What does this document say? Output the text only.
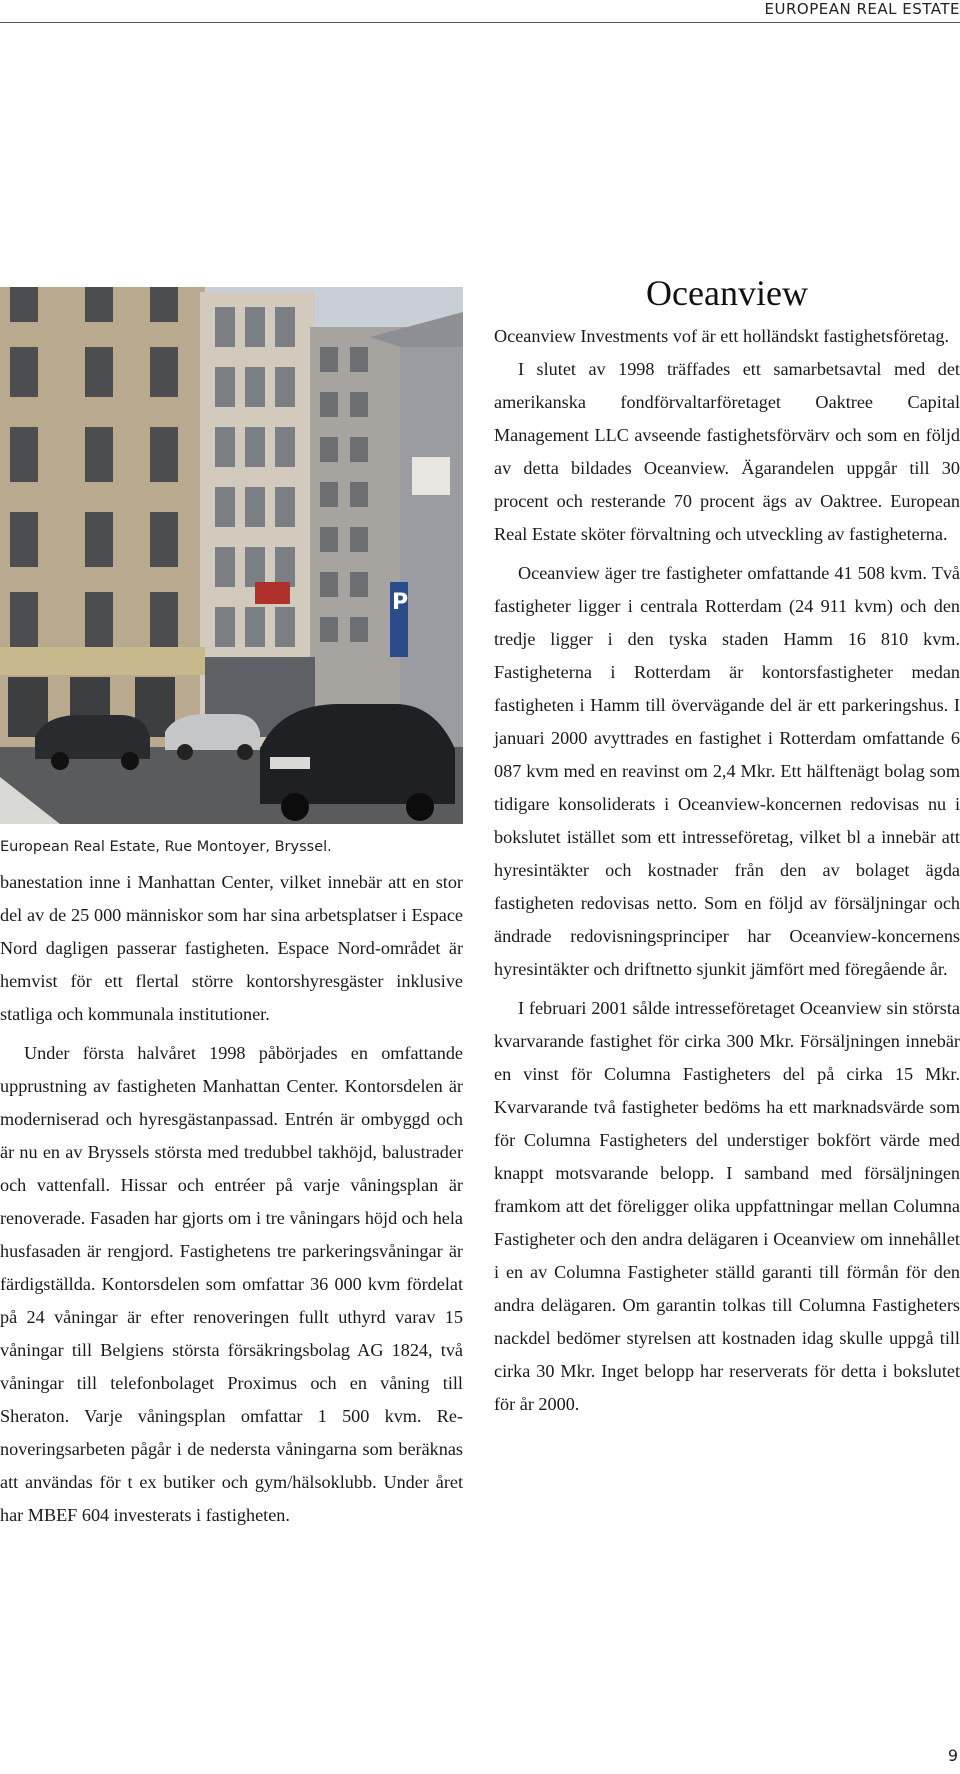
EUROPEAN REAL ESTATE
P
European Real Estate, Rue Montoyer, Bryssel.

banestation inne i Manhattan Center, vilket innebär att en stor del av de 25 000 människor som har sina arbetsplatser i Espace Nord dagligen passerar fastigheten. Espace Nord-området är hemvist för ett flertal större kontorshyresgäster inklusive statliga och kommunala institutioner.

Under första halvåret 1998 påbörjades en omfattande upprustning av fastigheten Manhattan Center. Kontorsdelen är moderniserad och hyresgästanpassad. Entrén är ombyggd och är nu en av Bryssels största med tredubbel takhöjd, balustrader och vattenfall. Hissar och entréer på varje våningsplan är renoverade. Fasaden har gjorts om i tre våningars höjd och hela husfasaden är rengjord. Fastighetens tre parkeringsvåningar är färdigställda. Kontorsdelen som omfattar 36 000 kvm fördelat på 24 våningar är efter renoveringen fullt uthyrd varav 15 våningar till Belgiens största försäkringsbolag AG 1824, två våningar till telefonbolaget Proximus och en våning till Sheraton. Varje våningsplan omfattar 1 500 kvm. Renoveringsarbeten pågår i de nedersta våningarna som beräknas att användas för t ex butiker och gym/hälsoklubb. Under året har MBEF 604 investerats i fastigheten.

Oceanview

Oceanview Investments vof är ett holländskt fastighetsföretag.

I slutet av 1998 träffades ett samarbetsavtal med det amerikanska fondförvaltarföretaget Oaktree Capital Management LLC avseende fastighetsförvärv och som en följd av detta bildades Oceanview. Ägarandelen uppgår till 30 procent och resterande 70 procent ägs av Oaktree. European Real Estate sköter förvaltning och utveckling av fastigheterna.

Oceanview äger tre fastigheter omfattande 41 508 kvm. Två fastigheter ligger i centrala Rotterdam (24 911 kvm) och den tredje ligger i den tyska staden Hamm 16 810 kvm. Fastigheterna i Rotterdam är kontorsfastigheter medan fastigheten i Hamm till övervägande del är ett parkeringshus. I januari 2000 avyttrades en fastighet i Rotterdam omfattande 6 087 kvm med en reavinst om 2,4 Mkr. Ett hälftenägt bolag som tidigare konsoliderats i Oceanview-koncernen redovisas nu i bokslutet istället som ett intresseföretag, vilket bl a innebär att hyresintäkter och kostnader från den av bolaget ägda fastigheten redovisas netto. Som en följd av försäljningar och ändrade redovisningsprinciper har Oceanview-koncernens hyresintäkter och driftnetto sjunkit jämfört med föregående år.

I februari 2001 sålde intresseföretaget Oceanview sin största kvarvarande fastighet för cirka 300 Mkr. Försäljningen innebär en vinst för Columna Fastigheters del på cirka 15 Mkr. Kvarvarande två fastigheter bedöms ha ett marknadsvärde som för Columna Fastigheters del understiger bokfört värde med knappt motsvarande belopp. I samband med försäljningen framkom att det föreligger olika uppfattningar mellan Columna Fastigheter och den andra delägaren i Oceanview om innehållet i en av Columna Fastigheter ställd garanti till förmån för den andra delägaren. Om garantin tolkas till Columna Fastigheters nackdel bedömer styrelsen att kostnaden idag skulle uppgå till cirka 30 Mkr. Inget belopp har reserverats för detta i bokslutet för år 2000.

9
